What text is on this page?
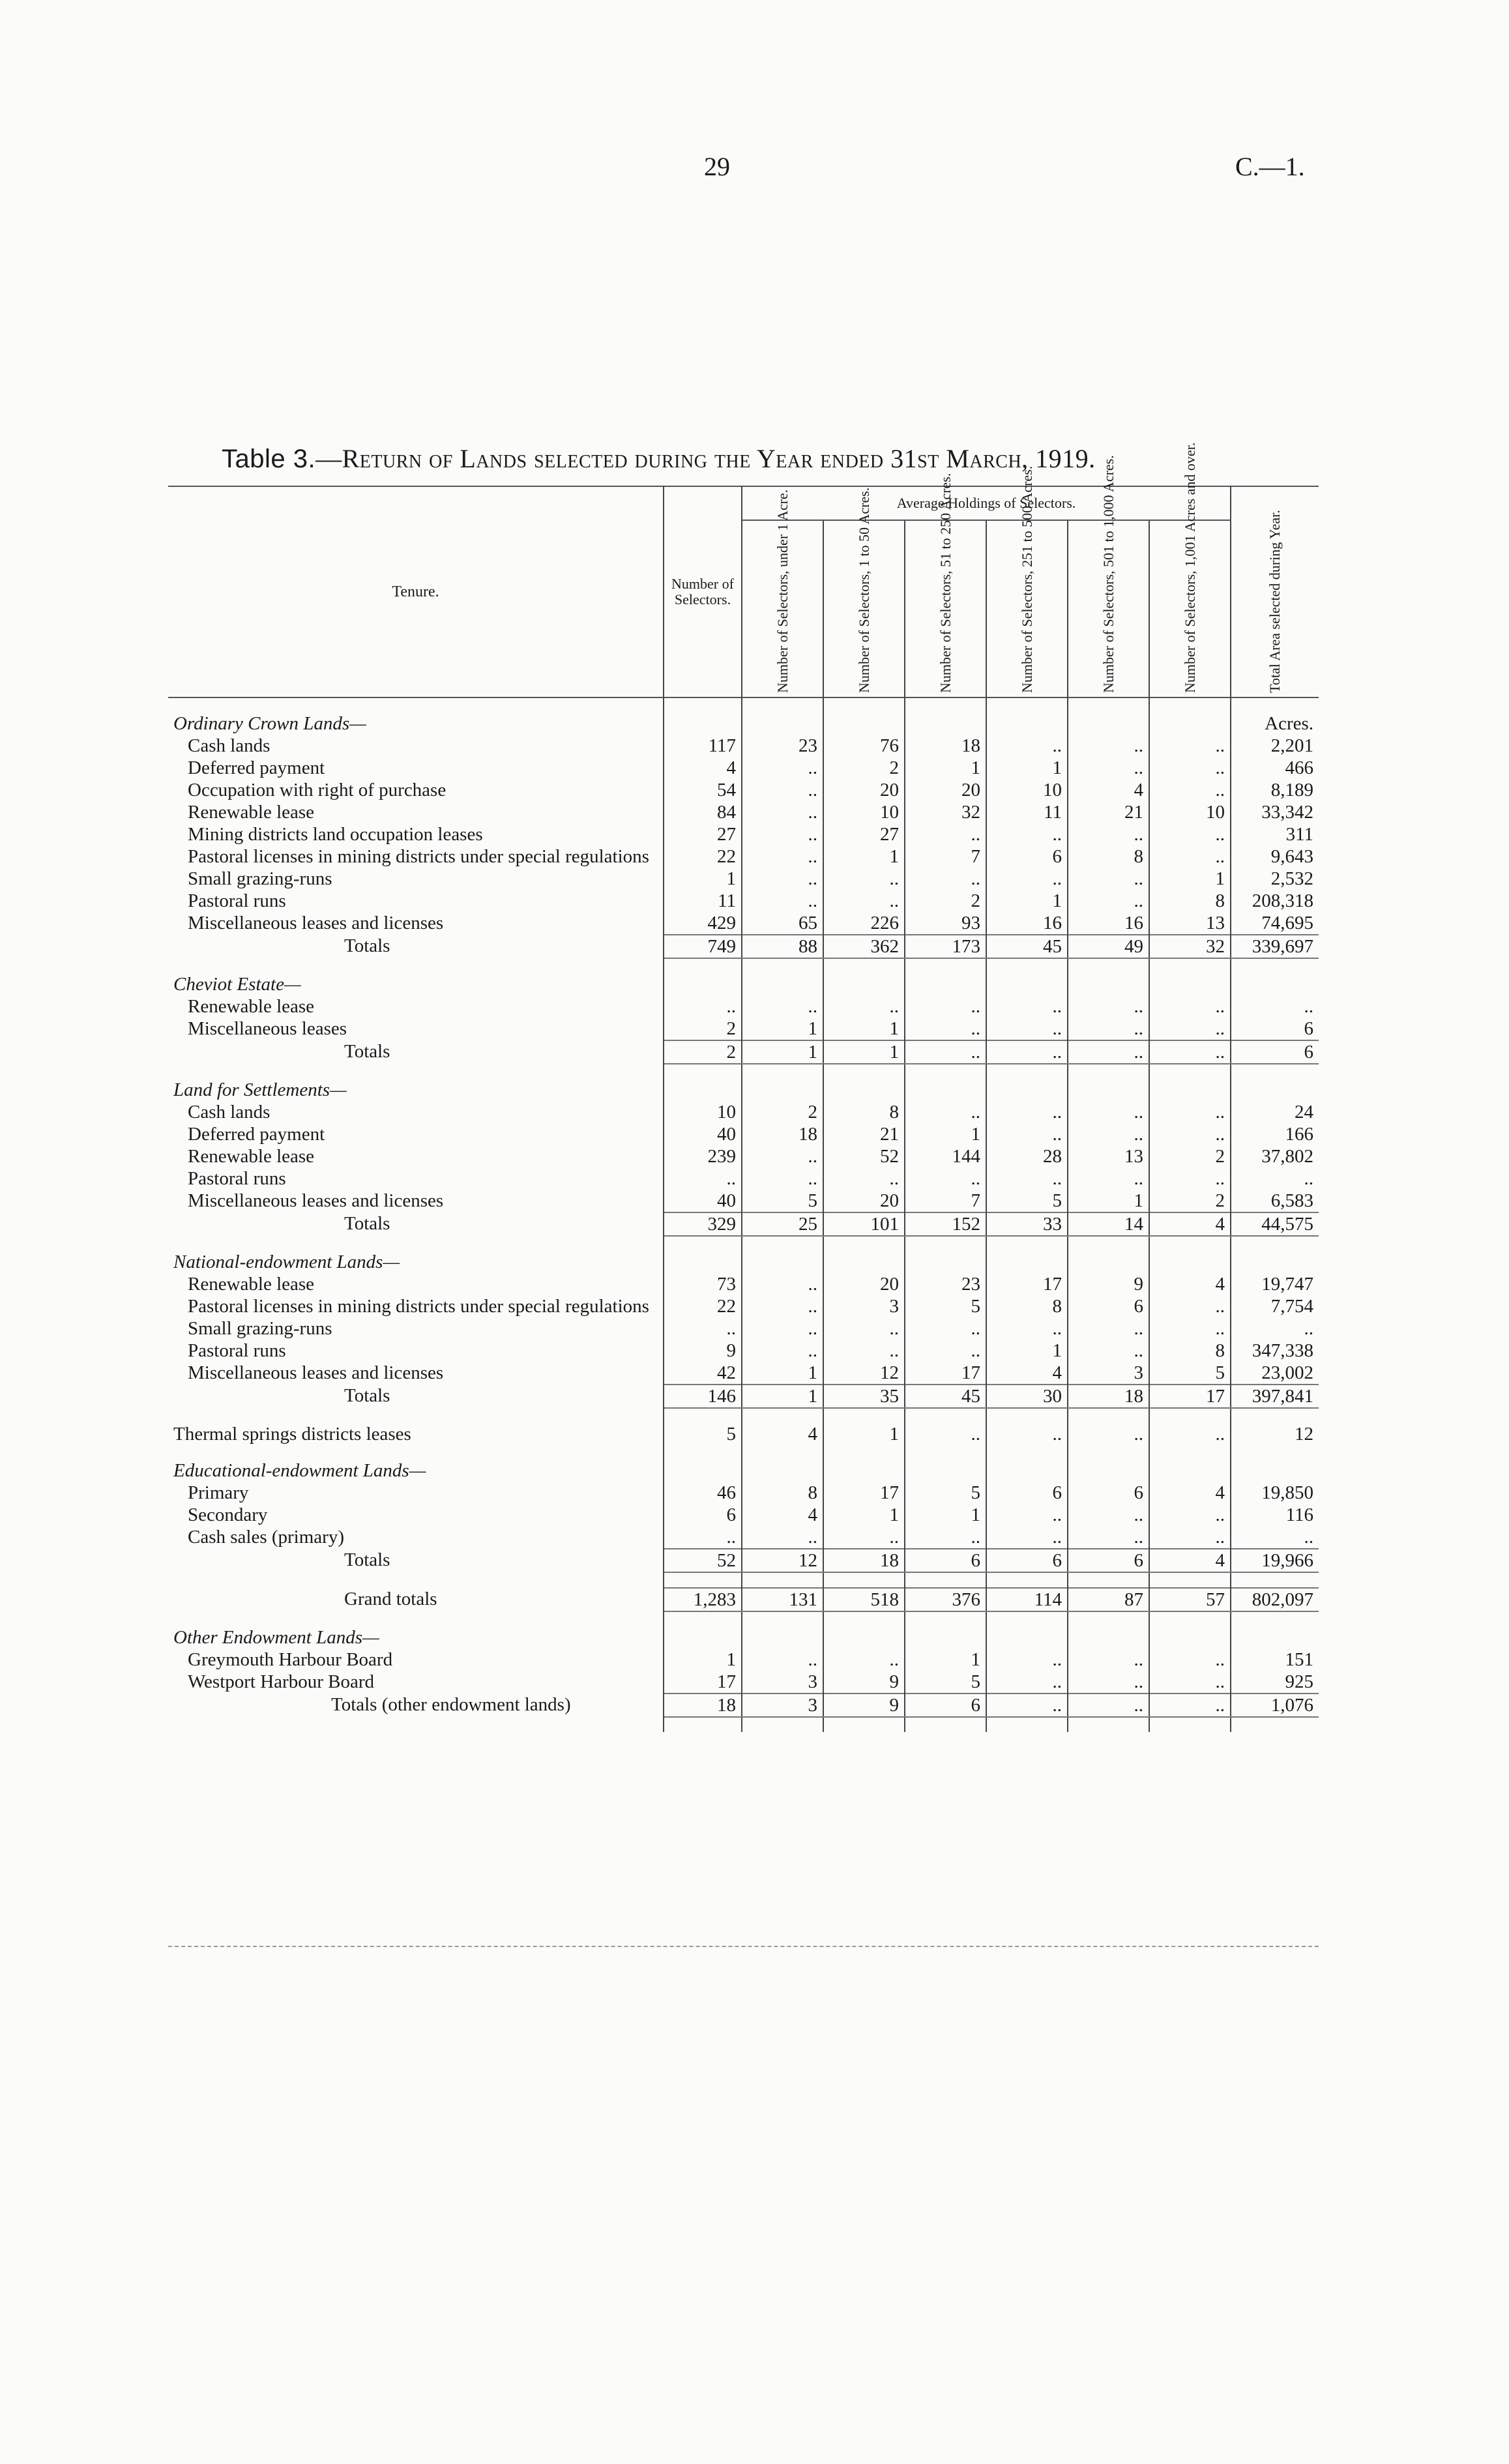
29	C.—1.
Table 3.—Return of Lands selected during the Year ended 31st March, 1919.
Tenure.	Number of Selectors.	Average Holdings of Selectors.						Total Area selected during Year.

		Number of Selectors, under 1 Acre.	Number of Selectors, 1 to 50 Acres.	Number of Selectors, 51 to 250 Acres.	Number of Selectors, 251 to 500 Acres.	Number of Selectors, 501 to 1,000 Acres.	Number of Selectors, 1,001 Acres and over.	

Ordinary Crown Lands—								Acres.
Cash lands	117	23	76	18	..	..	..	2,201
Deferred payment	4	..	2	1	1	..	..	466
Occupation with right of purchase	54	..	20	20	10	4	..	8,189
Renewable lease	84	..	10	32	11	21	10	33,342
Mining districts land occupation leases	27	..	27	..	..	..	..	311
Pastoral licenses in mining districts under special regulations	22	..	1	7	6	8	..	9,643
Small grazing-runs	1	..	..	..	..	..	1	2,532
Pastoral runs	11	..	..	2	1	..	8	208,318
Miscellaneous leases and licenses	429	65	226	93	16	16	13	74,695
Totals	749	88	362	173	45	49	32	339,697

Cheviot Estate—								
Renewable lease	..	..	..	..	..	..	..	..
Miscellaneous leases	2	1	1	..	..	..	..	6
Totals	2	1	1	..	..	..	..	6

Land for Settlements—								
Cash lands	10	2	8	..	..	..	..	24
Deferred payment	40	18	21	1	..	..	..	166
Renewable lease	239	..	52	144	28	13	2	37,802
Pastoral runs	..	..	..	..	..	..	..	..
Miscellaneous leases and licenses	40	5	20	7	5	1	2	6,583
Totals	329	25	101	152	33	14	4	44,575

National-endowment Lands—								
Renewable lease	73	..	20	23	17	9	4	19,747
Pastoral licenses in mining districts under special regulations	22	..	3	5	8	6	..	7,754
Small grazing-runs	..	..	..	..	..	..	..	..
Pastoral runs	9	..	..	..	1	..	8	347,338
Miscellaneous leases and licenses	42	1	12	17	4	3	5	23,002
Totals	146	1	35	45	30	18	17	397,841

Thermal springs districts leases	5	4	1	..	..	..	..	12

Educational-endowment Lands—								
Primary	46	8	17	5	6	6	4	19,850
Secondary	6	4	1	1	..	..	..	116
Cash sales (primary)	..	..	..	..	..	..	..	..
Totals	52	12	18	6	6	6	4	19,966

Grand totals	1,283	131	518	376	114	87	57	802,097

Other Endowment Lands—								
Greymouth Harbour Board	1	..	..	1	..	..	..	151
Westport Harbour Board	17	3	9	5	..	..	..	925
Totals (other endowment lands)	18	3	9	6	..	..	..	1,076
